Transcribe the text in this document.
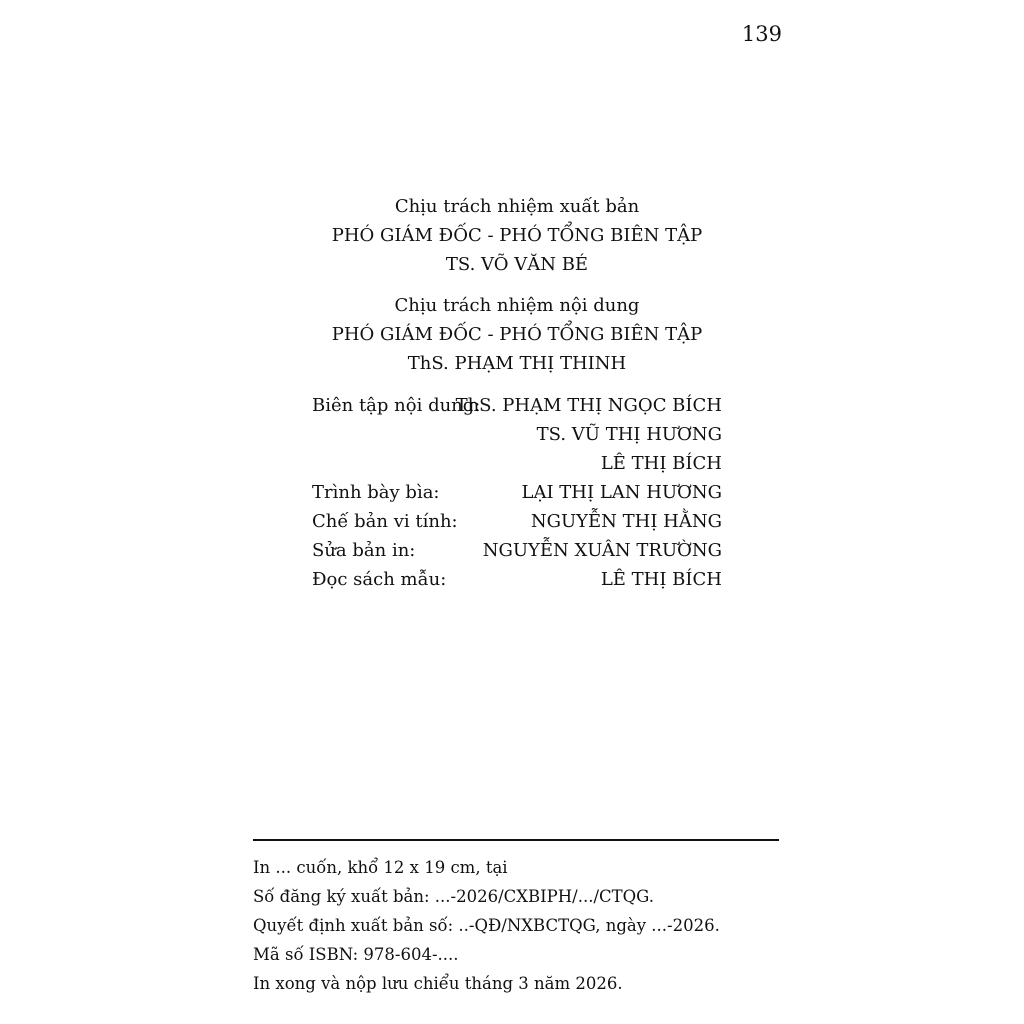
139
Chịu trách nhiệm xuất bản
PHÓ GIÁM ĐỐC - PHÓ TỔNG BIÊN TẬP
TS. VÕ VĂN BÉ
Chịu trách nhiệm nội dung
PHÓ GIÁM ĐỐC - PHÓ TỔNG BIÊN TẬP
ThS. PHẠM THỊ THINH
Biên tập nội dung:
ThS. PHẠM THỊ NGỌC BÍCH
TS. VŨ THỊ HƯƠNG
LÊ THỊ BÍCH
Trình bày bìa:	LẠI THỊ LAN HƯƠNG
Chế bản vi tính:	NGUYỄN THỊ HẰNG
Sửa bản in:	NGUYỄN XUÂN TRƯỜNG
Đọc sách mẫu:	LÊ THỊ BÍCH
In ... cuốn, khổ 12 x 19 cm, tại
Số đăng ký xuất bản: ...-2026/CXBIPH/.../CTQG.
Quyết định xuất bản số: ..-QĐ/NXBCTQG, ngày ...-2026.
Mã số ISBN: 978-604-....
In xong và nộp lưu chiểu tháng 3 năm 2026.
